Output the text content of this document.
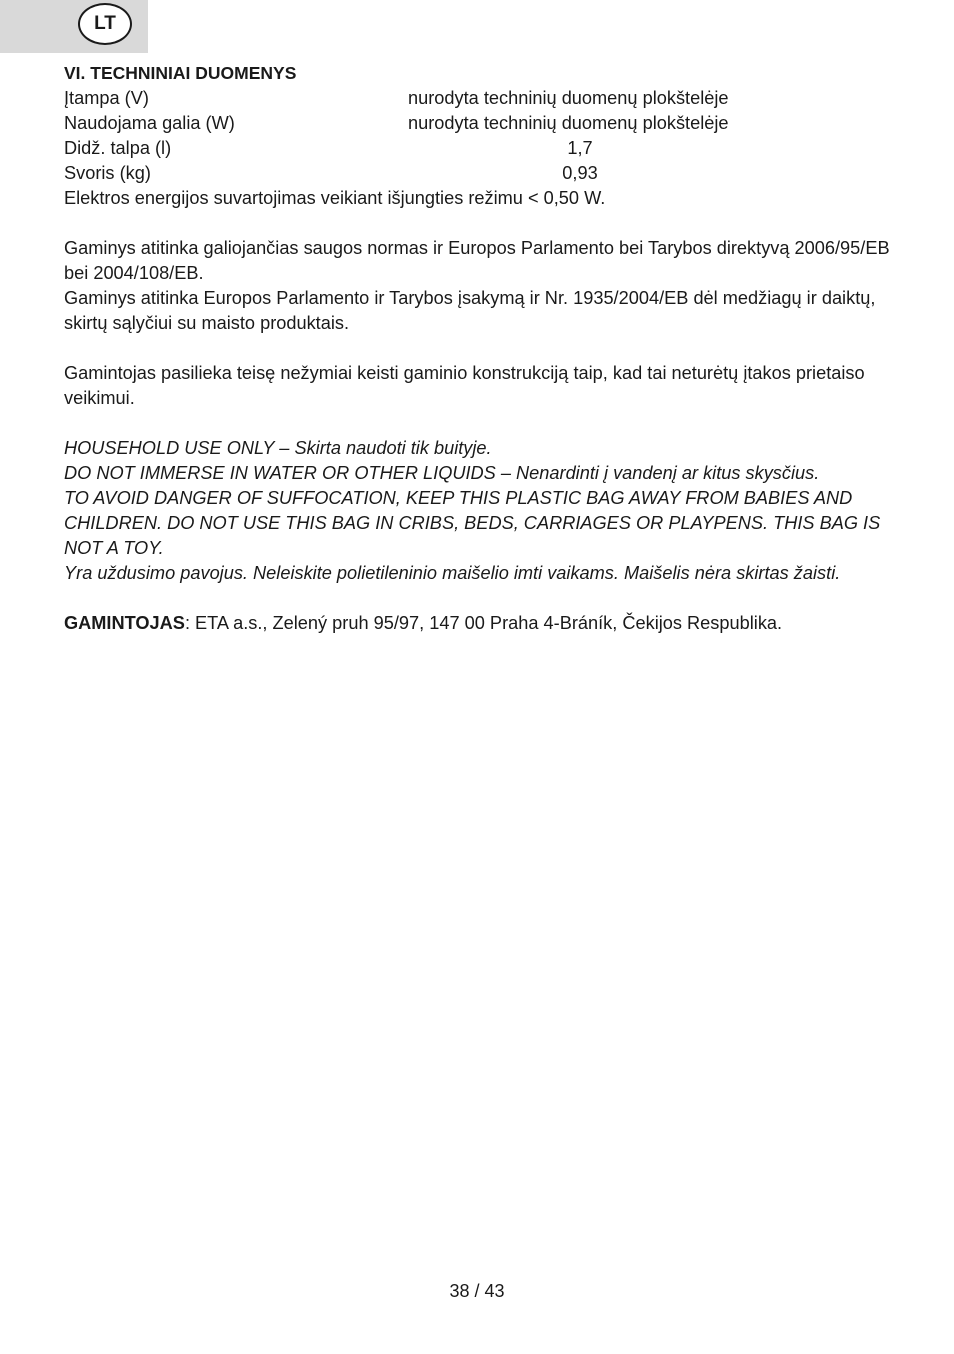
LT
VI. TECHNINIAI DUOMENYS
Įtampa (V)	nurodyta techninių duomenų plokštelėje
Naudojama galia (W)	nurodyta techninių duomenų plokštelėje
Didž. talpa (l)	1,7
Svoris (kg)	0,93

Elektros energijos suvartojimas veikiant išjungties režimu < 0,50 W.

Gaminys atitinka galiojančias saugos normas ir Europos Parlamento bei Tarybos direktyvą 2006/95/EB bei 2004/108/EB.

Gaminys atitinka Europos Parlamento ir Tarybos įsakymą ir Nr. 1935/2004/EB dėl medžiagų ir daiktų, skirtų sąlyčiui su maisto produktais.

Gamintojas pasilieka teisę nežymiai keisti gaminio konstrukciją taip, kad tai neturėtų įtakos prietaiso veikimui.

HOUSEHOLD USE ONLY – Skirta naudoti tik buityje.

DO NOT IMMERSE IN WATER OR OTHER LIQUIDS – Nenardinti į vandenį ar kitus skysčius.

TO AVOID DANGER OF SUFFOCATION, KEEP THIS PLASTIC BAG AWAY FROM BABIES AND CHILDREN. DO NOT USE THIS BAG IN CRIBS, BEDS, CARRIAGES OR PLAYPENS. THIS BAG IS NOT A TOY.

Yra uždusimo pavojus. Neleiskite polietileninio maišelio imti vaikams. Maišelis nėra skirtas žaisti.

GAMINTOJAS: ETA a.s., Zelený pruh 95/97, 147 00 Praha 4-Bráník, Čekijos Respublika.

38 / 43
